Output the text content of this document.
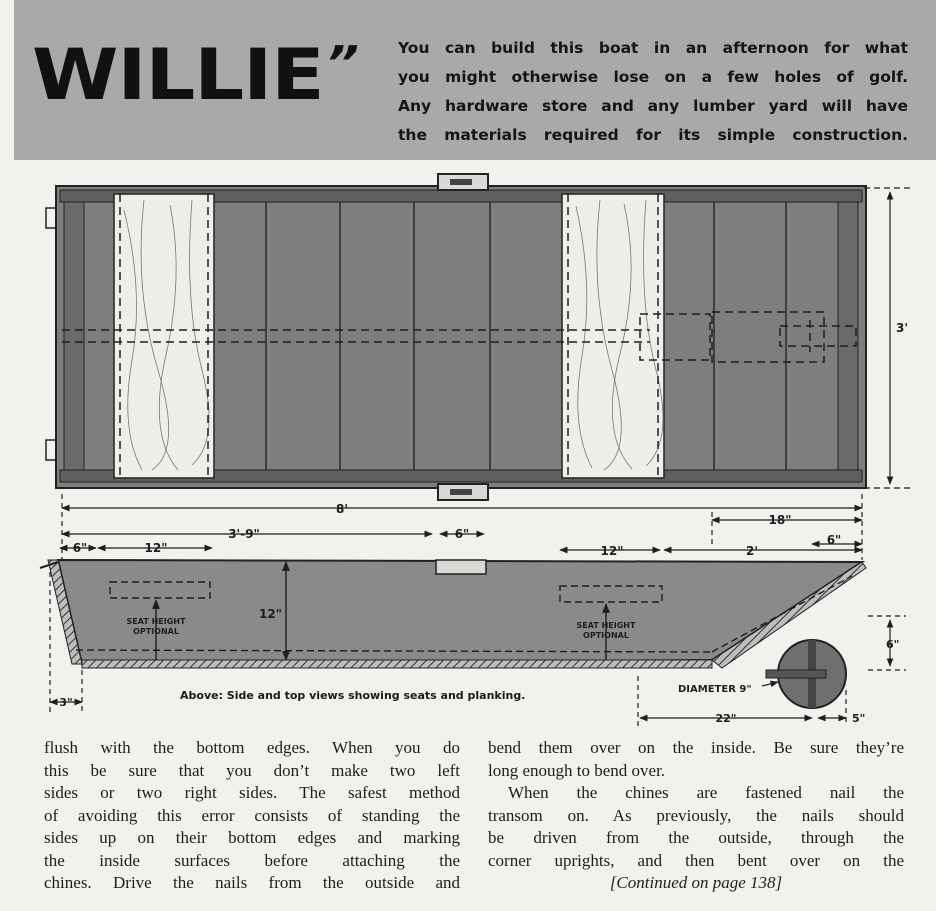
WILLIE”	You can build this boat in an afternoon for what
you might otherwise lose on a few holes of golf.
Any hardware store and any lumber yard will have
the materials required for its simple construction.
3'
8'
3'-9"	6"
18"
6"	12"	12"	2'
6"
SEAT HEIGHT
OPTIONAL
SEAT HEIGHT
OPTIONAL
12"
DIAMETER 9"
3"
6"
22"	5"
Above: Side and top views showing seats and planking.
flush with the bottom edges. When you do
this be sure that you don’t make two left
sides or two right sides. The safest method
of avoiding this error consists of standing the
sides up on their bottom edges and marking
the inside surfaces before attaching the
chines. Drive the nails from the outside and
bend them over on the inside. Be sure they’re
long enough to bend over.
When the chines are fastened nail the
transom on. As previously, the nails should
be driven from the outside, through the
corner uprights, and then bent over on the
[Continued on page 138]
